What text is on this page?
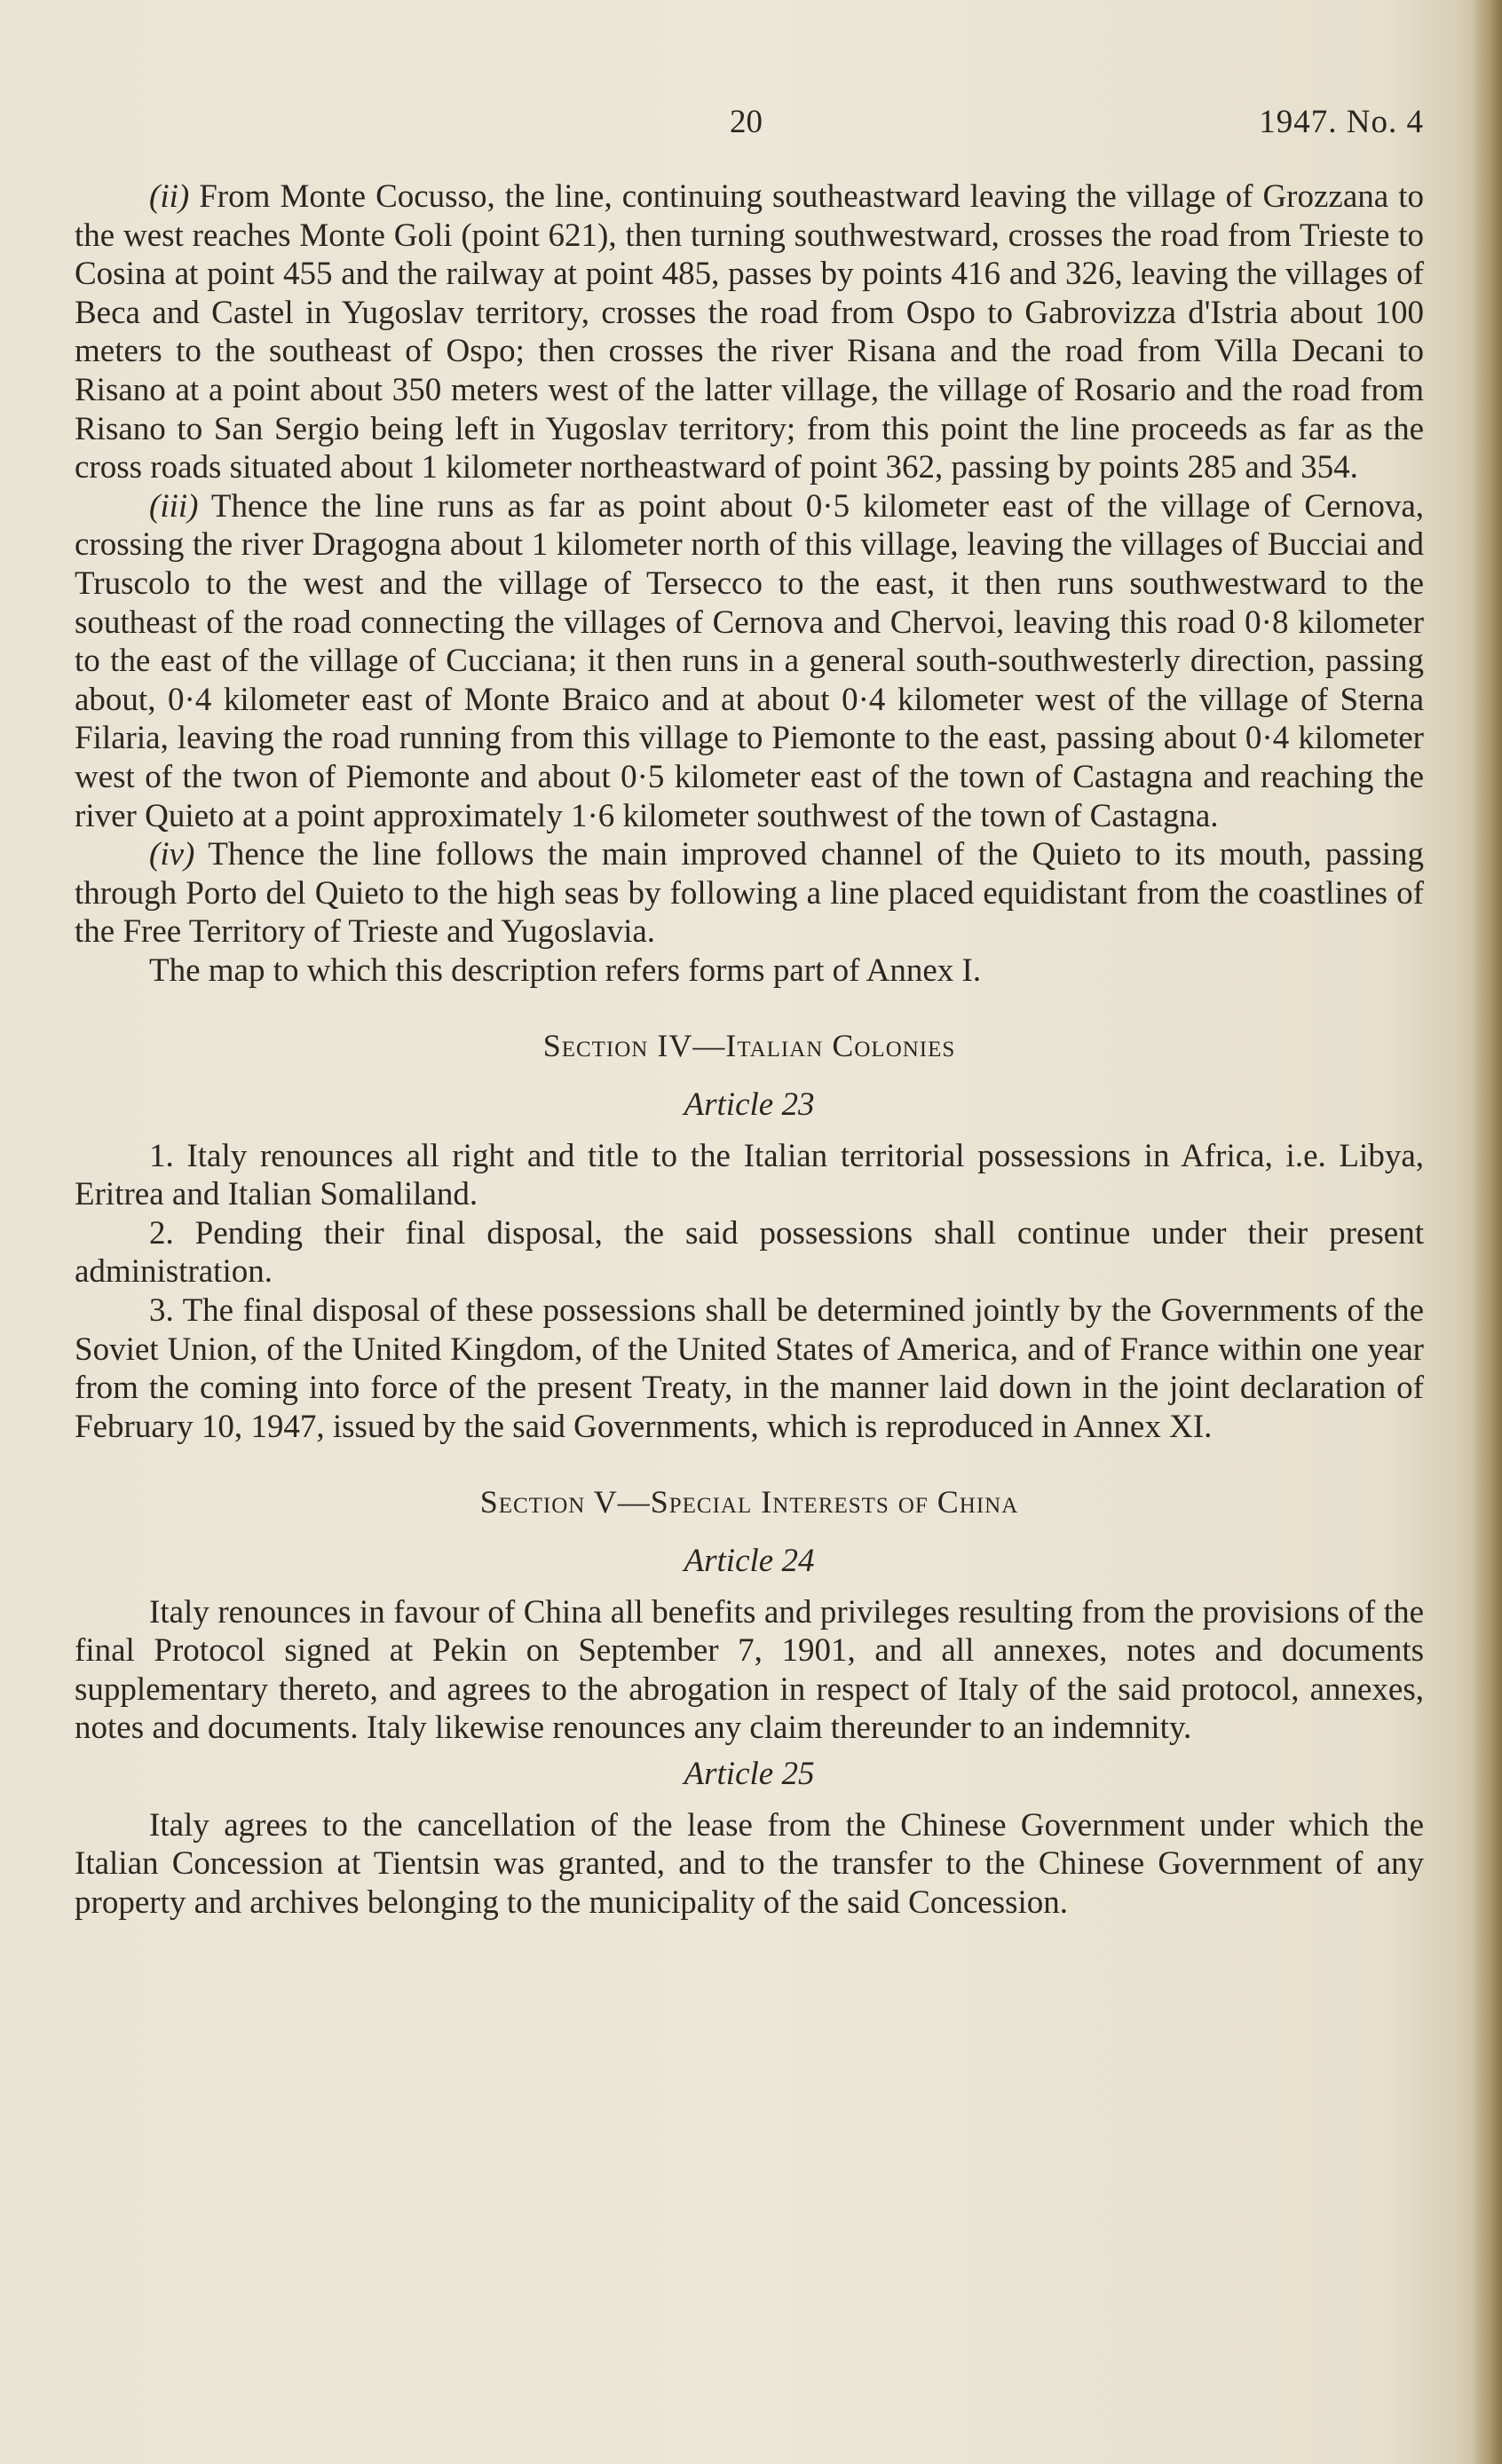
20	1947. No. 4

(ii) From Monte Cocusso, the line, continuing southeastward leaving the village of Grozzana to the west reaches Monte Goli (point 621), then turning southwestward, crosses the road from Trieste to Cosina at point 455 and the railway at point 485, passes by points 416 and 326, leaving the villages of Beca and Castel in Yugoslav territory, crosses the road from Ospo to Gabrovizza d'Istria about 100 meters to the southeast of Ospo; then crosses the river Risana and the road from Villa Decani to Risano at a point about 350 meters west of the latter village, the village of Rosario and the road from Risano to San Sergio being left in Yugoslav territory; from this point the line proceeds as far as the cross roads situated about 1 kilometer northeastward of point 362, passing by points 285 and 354.

(iii) Thence the line runs as far as point about 0·5 kilometer east of the village of Cernova, crossing the river Dragogna about 1 kilometer north of this village, leaving the villages of Bucciai and Truscolo to the west and the village of Tersecco to the east, it then runs southwestward to the southeast of the road connecting the villages of Cernova and Chervoi, leaving this road 0·8 kilometer to the east of the village of Cucciana; it then runs in a general south-southwesterly direction, passing about, 0·4 kilometer east of Monte Braico and at about 0·4 kilometer west of the village of Sterna Filaria, leaving the road running from this village to Piemonte to the east, passing about 0·4 kilometer west of the twon of Piemonte and about 0·5 kilometer east of the town of Castagna and reaching the river Quieto at a point approximately 1·6 kilometer southwest of the town of Castagna.

(iv) Thence the line follows the main improved channel of the Quieto to its mouth, passing through Porto del Quieto to the high seas by following a line placed equidistant from the coastlines of the Free Territory of Trieste and Yugoslavia.

The map to which this description refers forms part of Annex I.

Section IV—Italian Colonies
Article 23

1. Italy renounces all right and title to the Italian territorial possessions in Africa, i.e. Libya, Eritrea and Italian Somaliland.

2. Pending their final disposal, the said possessions shall continue under their present administration.

3. The final disposal of these possessions shall be determined jointly by the Governments of the Soviet Union, of the United Kingdom, of the United States of America, and of France within one year from the coming into force of the present Treaty, in the manner laid down in the joint declaration of February 10, 1947, issued by the said Governments, which is reproduced in Annex XI.

Section V—Special Interests of China
Article 24

Italy renounces in favour of China all benefits and privileges resulting from the provisions of the final Protocol signed at Pekin on September 7, 1901, and all annexes, notes and documents supplementary thereto, and agrees to the abrogation in respect of Italy of the said protocol, annexes, notes and documents. Italy likewise renounces any claim thereunder to an indemnity.

Article 25

Italy agrees to the cancellation of the lease from the Chinese Government under which the Italian Concession at Tientsin was granted, and to the transfer to the Chinese Government of any property and archives belonging to the municipality of the said Concession.
